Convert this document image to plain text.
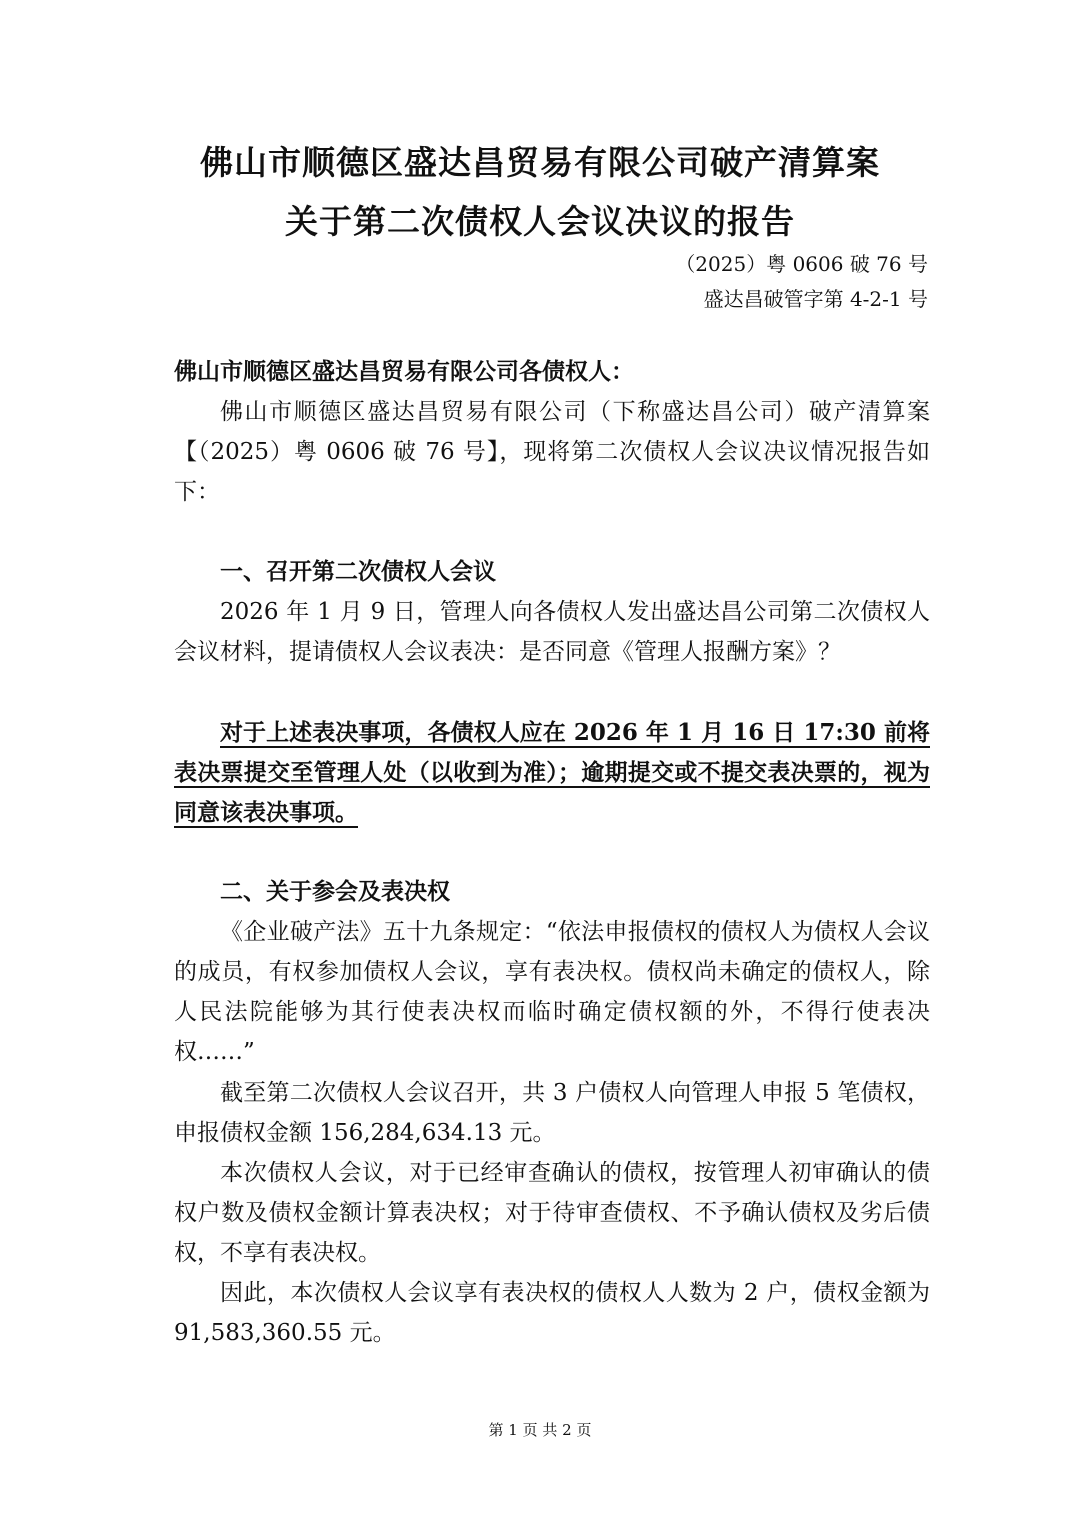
佛山市顺德区盛达昌贸易有限公司破产清算案
关于第二次债权人会议决议的报告
（2025）粤 0606 破 76 号
盛达昌破管字第 4-2-1 号
佛山市顺德区盛达昌贸易有限公司各债权人：
佛山市顺德区盛达昌贸易有限公司（下称盛达昌公司）破产清算案【（2025）粤 0606 破 76 号】，现将第二次债权人会议决议情况报告如下：
一、召开第二次债权人会议
2026 年 1 月 9 日，管理人向各债权人发出盛达昌公司第二次债权人会议材料，提请债权人会议表决：是否同意《管理人报酬方案》？
对于上述表决事项，各债权人应在 2026 年 1 月 16 日 17:30 前将表决票提交至管理人处（以收到为准）；逾期提交或不提交表决票的，视为同意该表决事项。
二、关于参会及表决权
《企业破产法》五十九条规定：“依法申报债权的债权人为债权人会议的成员，有权参加债权人会议，享有表决权。债权尚未确定的债权人，除人民法院能够为其行使表决权而临时确定债权额的外，不得行使表决权……”
截至第二次债权人会议召开，共 3 户债权人向管理人申报 5 笔债权，申报债权金额 156,284,634.13 元。
本次债权人会议，对于已经审查确认的债权，按管理人初审确认的债权户数及债权金额计算表决权；对于待审查债权、不予确认债权及劣后债权，不享有表决权。
因此，本次债权人会议享有表决权的债权人人数为 2 户，债权金额为 91,583,360.55 元。
第 1 页 共 2 页
